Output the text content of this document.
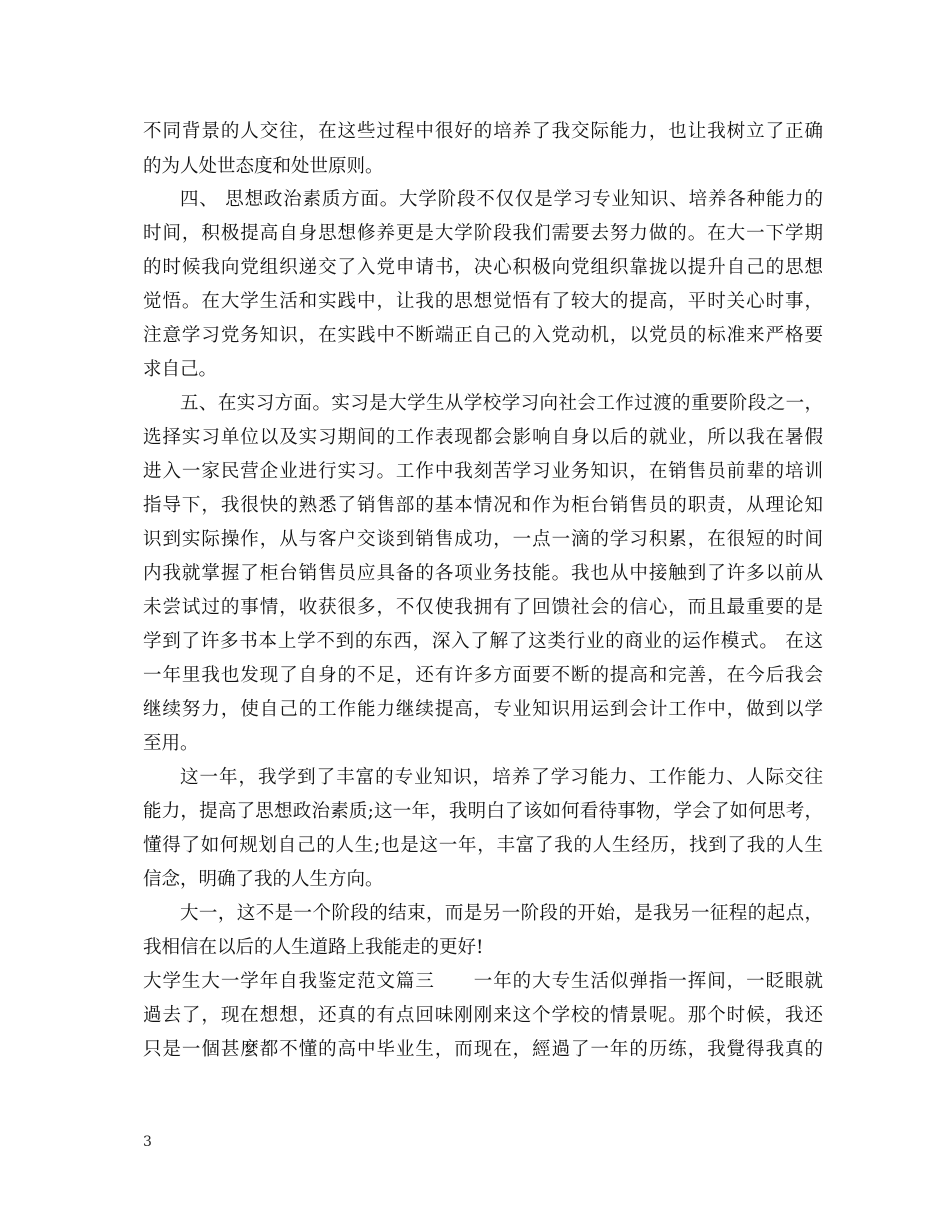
不同背景的人交往，在这些过程中很好的培养了我交际能力，也让我树立了正确
的为人处世态度和处世原则。
四、 思想政治素质方面。大学阶段不仅仅是学习专业知识、培养各种能力的
时间，积极提高自身思想修养更是大学阶段我们需要去努力做的。在大一下学期
的时候我向党组织递交了入党申请书，决心积极向党组织靠拢以提升自己的思想
觉悟。在大学生活和实践中，让我的思想觉悟有了较大的提高，平时关心时事，
注意学习党务知识，在实践中不断端正自己的入党动机，以党员的标准来严格要
求自己。
五、在实习方面。实习是大学生从学校学习向社会工作过渡的重要阶段之一，
选择实习单位以及实习期间的工作表现都会影响自身以后的就业，所以我在暑假
进入一家民营企业进行实习。工作中我刻苦学习业务知识，在销售员前辈的培训
指导下，我很快的熟悉了销售部的基本情况和作为柜台销售员的职责，从理论知
识到实际操作，从与客户交谈到销售成功，一点一滴的学习积累，在很短的时间
内我就掌握了柜台销售员应具备的各项业务技能。我也从中接触到了许多以前从
未尝试过的事情，收获很多，不仅使我拥有了回馈社会的信心，而且最重要的是
学到了许多书本上学不到的东西，深入了解了这类行业的商业的运作模式。 在这
一年里我也发现了自身的不足，还有许多方面要不断的提高和完善，在今后我会
继续努力，使自己的工作能力继续提高，专业知识用运到会计工作中，做到以学
至用。
这一年，我学到了丰富的专业知识，培养了学习能力、工作能力、人际交往
能力，提高了思想政治素质;这一年，我明白了该如何看待事物，学会了如何思考，
懂得了如何规划自己的人生;也是这一年，丰富了我的人生经历，找到了我的人生
信念，明确了我的人生方向。
大一，这不是一个阶段的结束，而是另一阶段的开始，是我另一征程的起点，
我相信在以后的人生道路上我能走的更好!
大学生大一学年自我鉴定范文篇三　　一年的大专生活似弹指一挥间，一眨眼就
過去了，现在想想，还真的有点回味刚刚来这个学校的情景呢。那个时候，我还
只是一個甚麼都不懂的高中毕业生，而现在，經過了一年的历练，我覺得我真的
3
